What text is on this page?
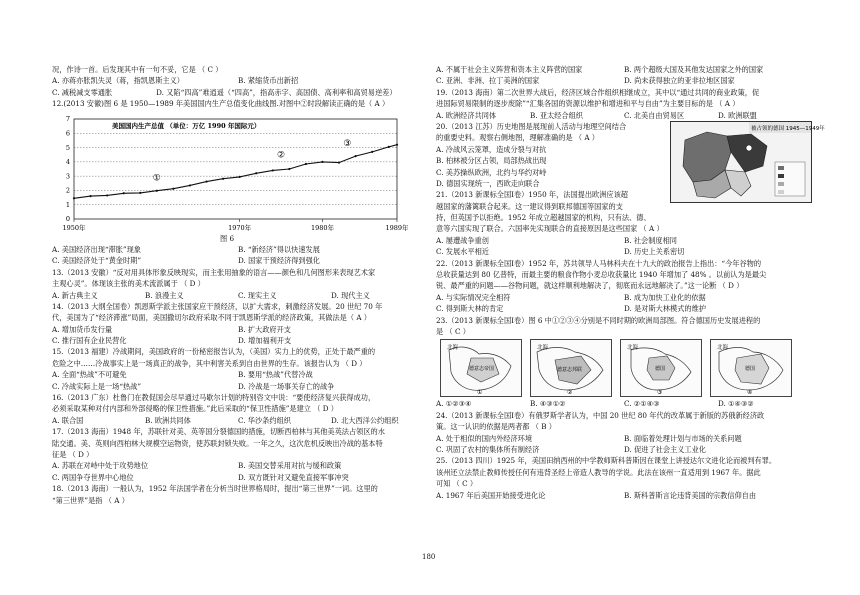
况，作诗一首。后发现其中有一句不妥，它是 （ C ）
A. 亦蒋亦胀凯失灵（蒋，指凯恩斯主义）	B. 紧缩货币出新招
C. 减税减支零通胀	D. 又陷“四高”难逍遥（“四高”，指高赤字、高国债、高利率和高贸易逆差）
12.(2013 安徽)图 6 是 1950—1989 年美国国内生产总值变化曲线图.对图中②时段解读正确的是（ A ）
0
1
2
3
4
5
6
7
美国国内生产总值 （单位：万亿 1990 年国际元）
1950年	1970年	1980年	1989年
①
②
③
图 6
A. 美国经济出现“滞胀”现象	B. “新经济”得以快速发展
C. 美国经济处于“黄金时期”	D. 国家干预经济得到强化
13.（2013 安徽）“反对用具体形象反映现实，而主张用抽象的语言——颜色和几何图形来表现艺术家
主观心灵”。体现该主张的美术流派属于 （ D ）
A. 新古典主义	B. 浪漫主义	C. 现实主义	D. 现代主义
14.（2013 大纲全国卷）凯恩斯学派主张国家应干预经济，以扩大需求，刺激经济发展。20 世纪 70 年
代，美国为了“经济滞涨”局面，美国撒切尔政府采取不同于凯恩斯学派的经济政策，其做法是（ A ）
A. 增加货币发行量	B. 扩大政府开支
C. 推行国有企业民营化	D. 增加福利开支
15.（2013 福建）冷战期间，美国政府的一份秘密报告认为，（美国）实力上的优势，正处于最严重的
危险之中……冷战事实上是一场真正的战争，其中利害关系到自由世界的生存。该报告认为 （ D ）
A. 全面“热战”不可避免	B. 要用“热战”代替冷战
C. 冷战实际上是一场“热战”	D. 冷战是一场事关存亡的战争
16.（2013 广东）杜鲁门在教促国会尽早通过马歇尔计划的特别咨文中说：“要使经济复兴获得成功，
必须采取某种对付内部和外部侵略的保卫性措施。”此后采取的“保卫性措施”是建立 （ D ）
A. 联合国	B. 欧洲共同体	C. 华沙条约组织	D. 北大西洋公约组织
17.（2013 海南）1948 年，苏联针对美、英等国分裂德国的措施，切断西柏林与其他美英法占领区的水
陆交通。美、英则向西柏林大规模空运物资，使苏联封锁失败。一年之久，这次危机反映出冷战的基本特
征是 （ D ）
A. 苏联在对峙中处于攻势地位	B. 美国交替采用对抗与缓和政策
C. 两国争夺世界中心地位	D. 双方既针对又避免直接军事冲突
18.（2013 海南）一般认为，1952 年法国学者在分析当时世界格局时，提出“第三世界”一词。这里的
“第三世界”是指 （ A ）
A. 不属于社会主义阵营和资本主义阵营的国家	B. 两个超级大国及其他发达国家之外的国家
C. 亚洲、非洲、拉丁美洲的国家	D. 尚未获得独立的亚非拉地区国家
19.（2013 海南）第二次世界大战后，经济区域合作组织相继成立，其中以“通过共同的商业政策，促
进国际贸易限制的逐步废除”“汇集各国的资源以维护和增进和平与自由”为主要目标的是 （ A ）
A. 欧洲经济共同体	B. 亚太经合组织	C. 北美自由贸易区	D. 欧洲联盟
20.（2013 江苏）历史地图是展现前人活动与地理空间结合
的重要史料。观察右侧地图，理解准确的是 （ A ）
A. 冷战风云笼罩，造成分裂与对抗
B. 柏林被分区占领，局部热战出现
C. 美苏操纵欧洲，北约与华约对峙
D. 德国实现统一，西欧走向联合
21.（2013 新课标全国Ⅰ卷）1950 年，法国提出欧洲应该超
越国家的藩篱联合起来。这一建议得到联邦德国等国家的支
被占领的德国 1945—1949年
持，但英国予以拒绝。1952 年成立超越国家的机构，只有法、德、
意等六国实现了联合。六国率先实现联合的直接原因是这些国家 （ A ）
A. 屡遭战争重创	B. 社会制度相同
C. 发展水平相近	D. 历史上关系密切
22.（2013 新课标全国Ⅰ卷）1952 年，苏共领导人马林科夫在十九大的政治报告上指出：“今年谷物的
总收获量达到 80 亿普特，而最主要的粮食作物小麦总收获量比 1940 年增加了 48% 。以前认为是最尖
锐、最严重的问题——谷物问题，就这样顺利地解决了，彻底而永远地解决了。”这一论断 （ D ）
A. 与实际情况完全相符	B. 成为加快工业化的依据
C. 得到斯大林的肯定	D. 是对斯大林模式的维护
23.（2013 新课标全国Ⅰ卷）图 6 中①②③④分别是不同时期的欧洲局部图。符合德国历史发展进程的
是 （ C ）
北海
德意志帝国
①
北海
德意志邦联
②
北海
德国
③
北海
德国
④
A. ①②③④	B. ④③①②	C. ②①④③	D. ①④③②
24.（2013 新课标全国Ⅰ卷）有俄罗斯学者认为，中国 20 世纪 80 年代的改革属于新版的苏俄新经济政
策。这一认识的依据是两者都 （ B ）
A. 处于相似的国内外经济环境	B. 面临着处理计划与市场的关系问题
C. 巩固了农村的集体所有制经济	D. 促进了社会主义工业化
25.（2013 四川）1925 年，美国田纳西州的中学教师斯科普斯因在课堂上讲授达尔文进化论而被判有罪。
该州还立法禁止教师传授任何有违背圣经上帝造人教导的学说。此法在该州一直适用到 1967 年。据此
可知 （ C ）
A. 1967 年后美国开始接受进化论	B. 斯科普斯言论违背美国的宗教信仰自由
180
